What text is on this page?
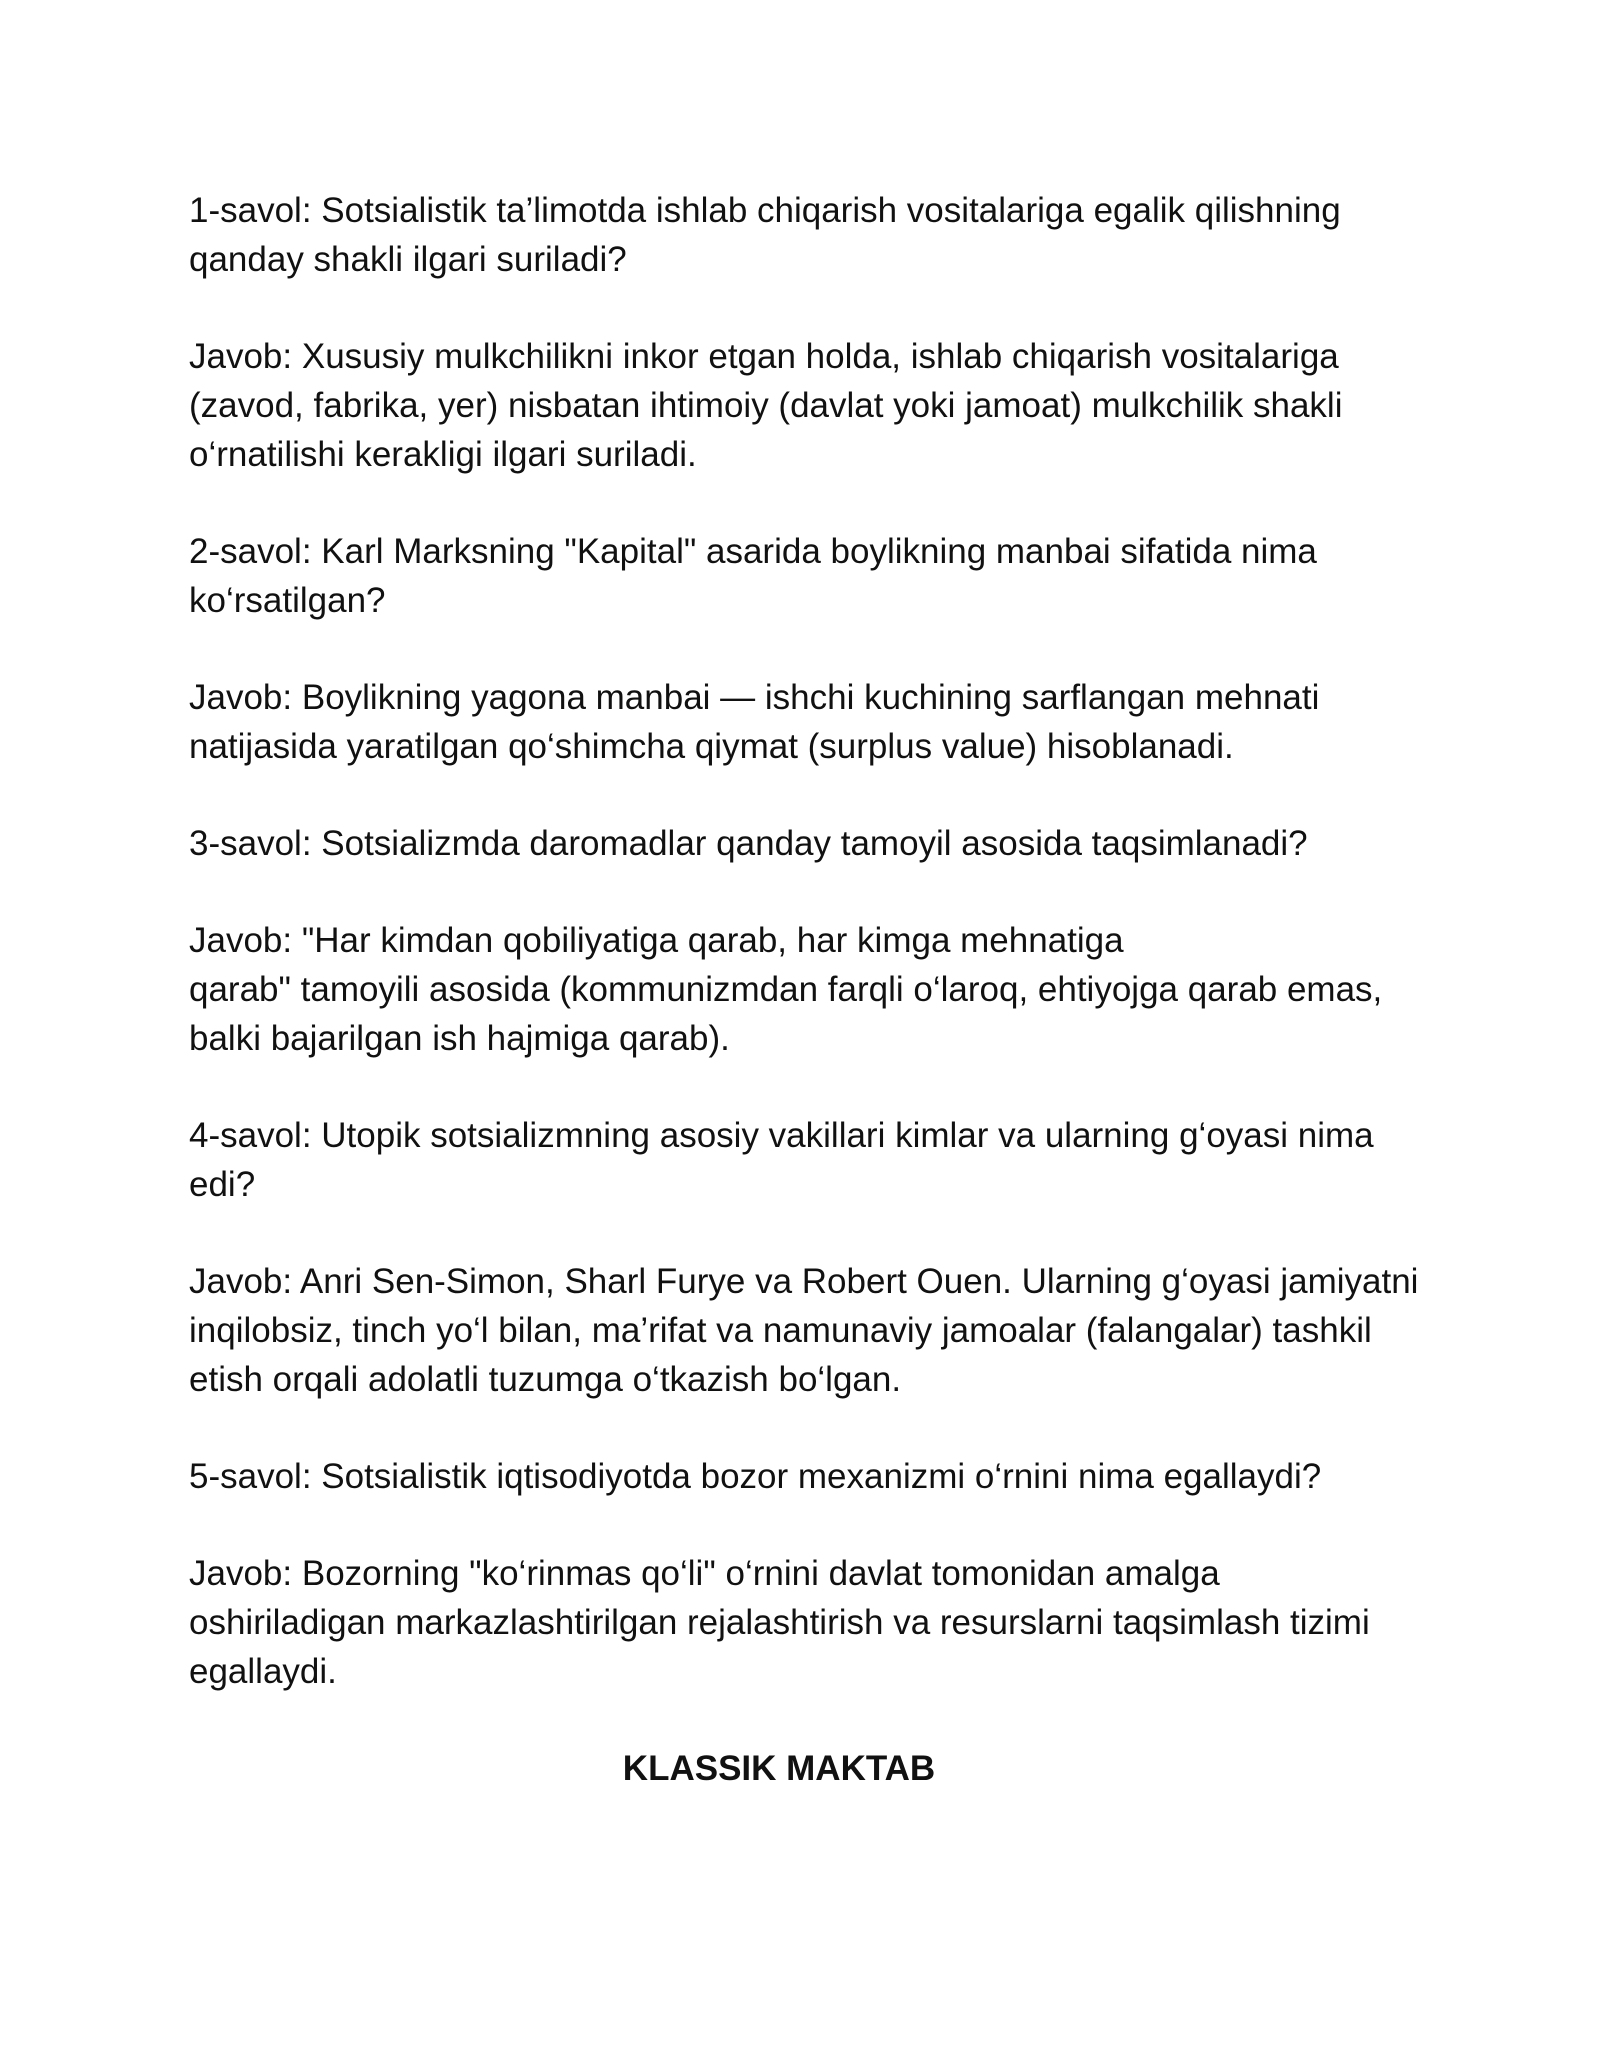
1-savol: Sotsialistik ta’limotda ishlab chiqarish vositalariga egalik qilishning qanday shakli ilgari suriladi?

Javob: Xususiy mulkchilikni inkor etgan holda, ishlab chiqarish vositalariga (zavod, fabrika, yer) nisbatan ihtimoiy (davlat yoki jamoat) mulkchilik shakli o‘rnatilishi kerakligi ilgari suriladi.

2-savol: Karl Marksning "Kapital" asarida boylikning manbai sifatida nima ko‘rsatilgan?

Javob: Boylikning yagona manbai — ishchi kuchining sarflangan mehnati natijasida yaratilgan qo‘shimcha qiymat (surplus value) hisoblanadi.

3-savol: Sotsializmda daromadlar qanday tamoyil asosida taqsimlanadi?

Javob: "Har kimdan qobiliyatiga qarab, har kimga mehnatiga
qarab" tamoyili asosida (kommunizmdan farqli o‘laroq, ehtiyojga qarab emas, balki bajarilgan ish hajmiga qarab).

4-savol: Utopik sotsializmning asosiy vakillari kimlar va ularning g‘oyasi nima edi?

Javob: Anri Sen-Simon, Sharl Furye va Robert Ouen. Ularning g‘oyasi jamiyatni inqilobsiz, tinch yo‘l bilan, ma’rifat va namunaviy jamoalar (falangalar) tashkil etish orqali adolatli tuzumga o‘tkazish bo‘lgan.

5-savol: Sotsialistik iqtisodiyotda bozor mexanizmi o‘rnini nima egallaydi?

Javob: Bozorning "ko‘rinmas qo‘li" o‘rnini davlat tomonidan amalga oshiriladigan markazlashtirilgan rejalashtirish va resurslarni taqsimlash tizimi egallaydi.

KLASSIK MAKTAB
